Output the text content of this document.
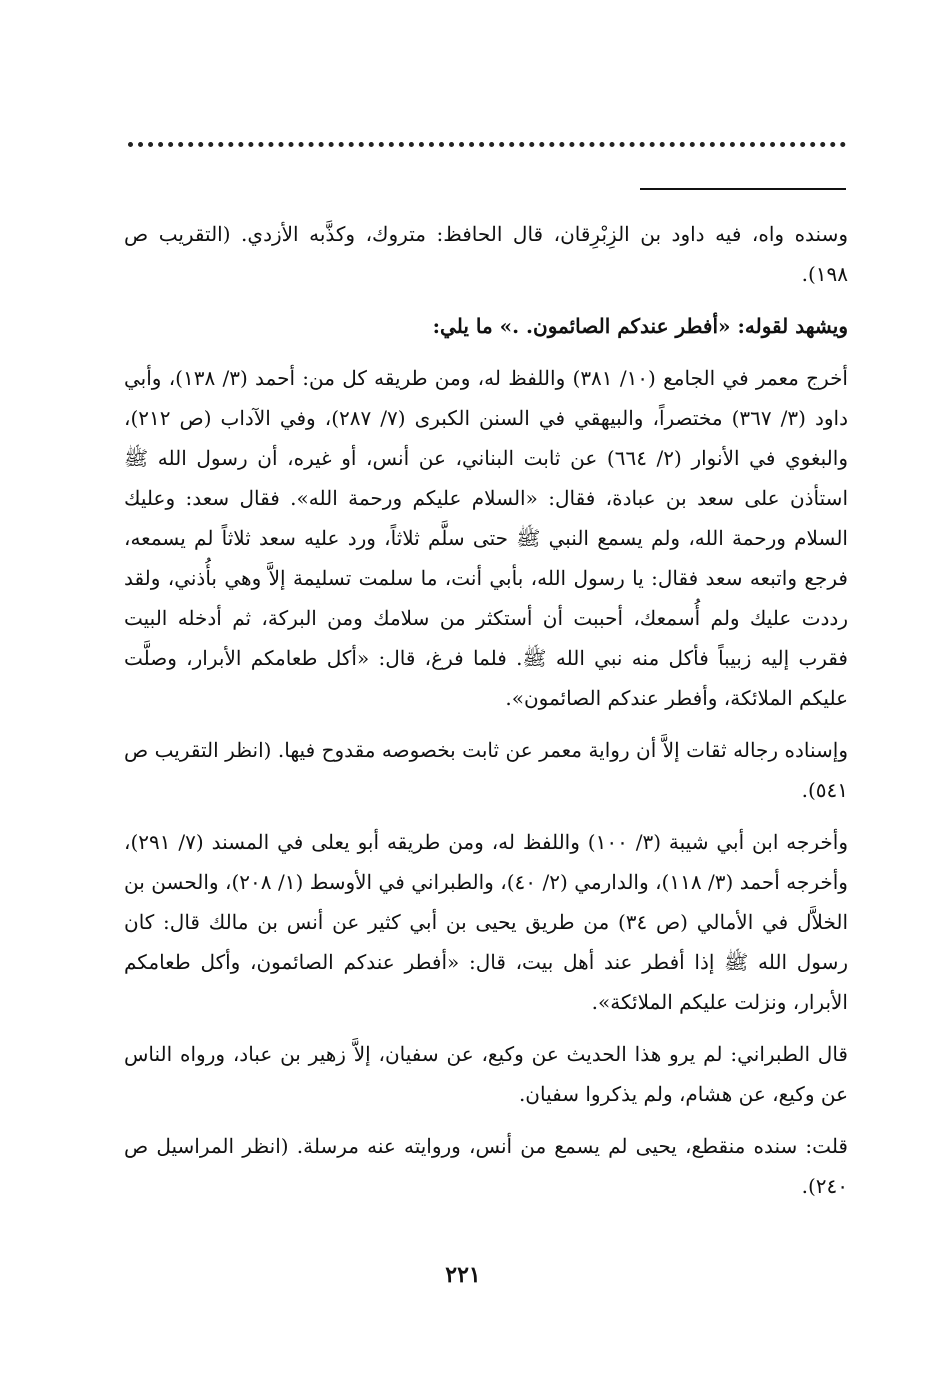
وسنده واه، فيه داود بن الزِبْرِقان، قال الحافظ: متروك، وكذَّبه الأزدي. (التقريب ص ١٩٨).

ويشهد لقوله: «أفطر عندكم الصائمون. .» ما يلي:

أخرج معمر في الجامع (١٠/ ٣٨١) واللفظ له، ومن طريقه كل من: أحمد (٣/ ١٣٨)، وأبي داود (٣/ ٣٦٧) مختصراً، والبيهقي في السنن الكبرى (٧/ ٢٨٧)، وفي الآداب (ص ٢١٢)، والبغوي في الأنوار (٢/ ٦٦٤) عن ثابت البناني، عن أنس، أو غيره، أن رسول الله ﷺ استأذن على سعد بن عبادة، فقال: «السلام عليكم ورحمة الله». فقال سعد: وعليك السلام ورحمة الله، ولم يسمع النبي ﷺ حتى سلَّم ثلاثاً، ورد عليه سعد ثلاثاً لم يسمعه، فرجع واتبعه سعد فقال: يا رسول الله، بأبي أنت، ما سلمت تسليمة إلاَّ وهي بأُذني، ولقد رددت عليك ولم أُسمعك، أحببت أن أستكثر من سلامك ومن البركة، ثم أدخله البيت فقرب إليه زبيباً فأكل منه نبي الله ﷺ. فلما فرغ، قال: «أكل طعامكم الأبرار، وصلَّت عليكم الملائكة، وأفطر عندكم الصائمون».

وإسناده رجاله ثقات إلاَّ أن رواية معمر عن ثابت بخصوصه مقدوح فيها. (انظر التقريب ص ٥٤١).

وأخرجه ابن أبي شيبة (٣/ ١٠٠) واللفظ له، ومن طريقه أبو يعلى في المسند (٧/ ٢٩١)، وأخرجه أحمد (٣/ ١١٨)، والدارمي (٢/ ٤٠)، والطبراني في الأوسط (١/ ٢٠٨)، والحسن بن الخلاَّل في الأمالي (ص ٣٤) من طريق يحيى بن أبي كثير عن أنس بن مالك قال: كان رسول الله ﷺ إذا أفطر عند أهل بيت، قال: «أفطر عندكم الصائمون، وأكل طعامكم الأبرار، ونزلت عليكم الملائكة».

قال الطبراني: لم يرو هذا الحديث عن وكيع، عن سفيان، إلاَّ زهير بن عباد، ورواه الناس عن وكيع، عن هشام، ولم يذكروا سفيان.

قلت: سنده منقطع، يحيى لم يسمع من أنس، وروايته عنه مرسلة. (انظر المراسيل ص ٢٤٠).

٢٢١
